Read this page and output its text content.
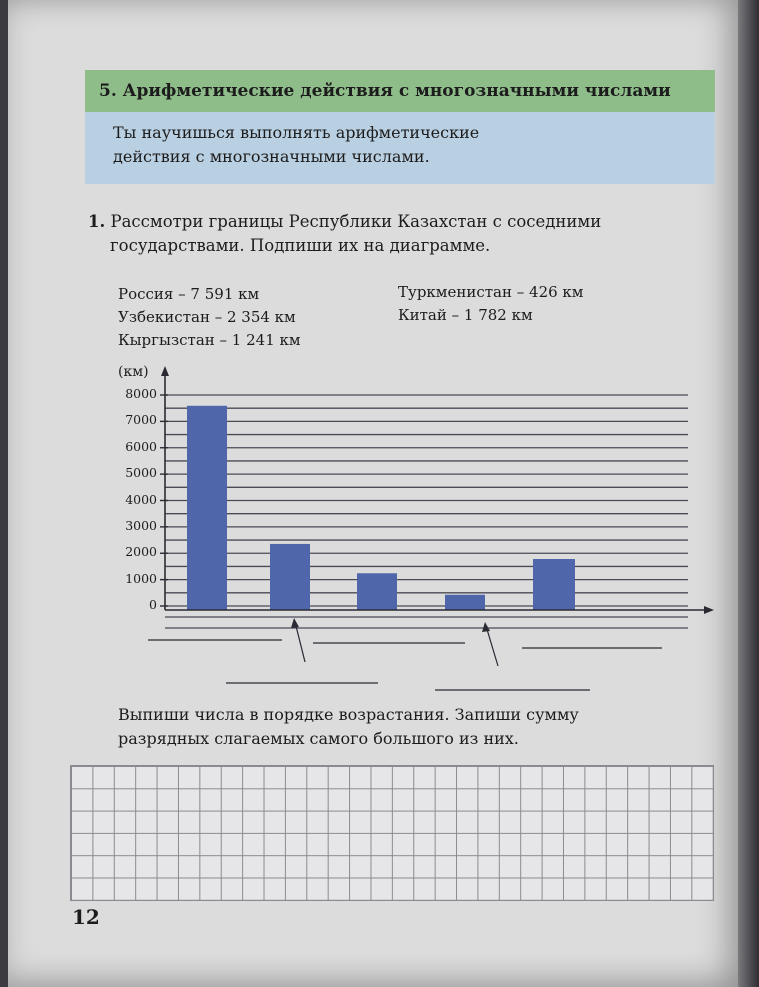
5. Арифметические действия с многозначными числами
Ты научишься выполнять арифметические
действия с многозначными числами.
1. Рассмотри границы Республики Казахстан с соседними
государствами. Подпиши их на диаграмме.
Россия – 7 591 км
Узбекистан – 2 354 км
Кыргызстан – 1 241 км
Туркменистан – 426 км
Китай – 1 782 км
(км)
8000
7000
6000
5000
4000
3000
2000
1000
0
Выпиши числа в порядке возрастания. Запиши сумму
разрядных слагаемых самого большого из них.
12
